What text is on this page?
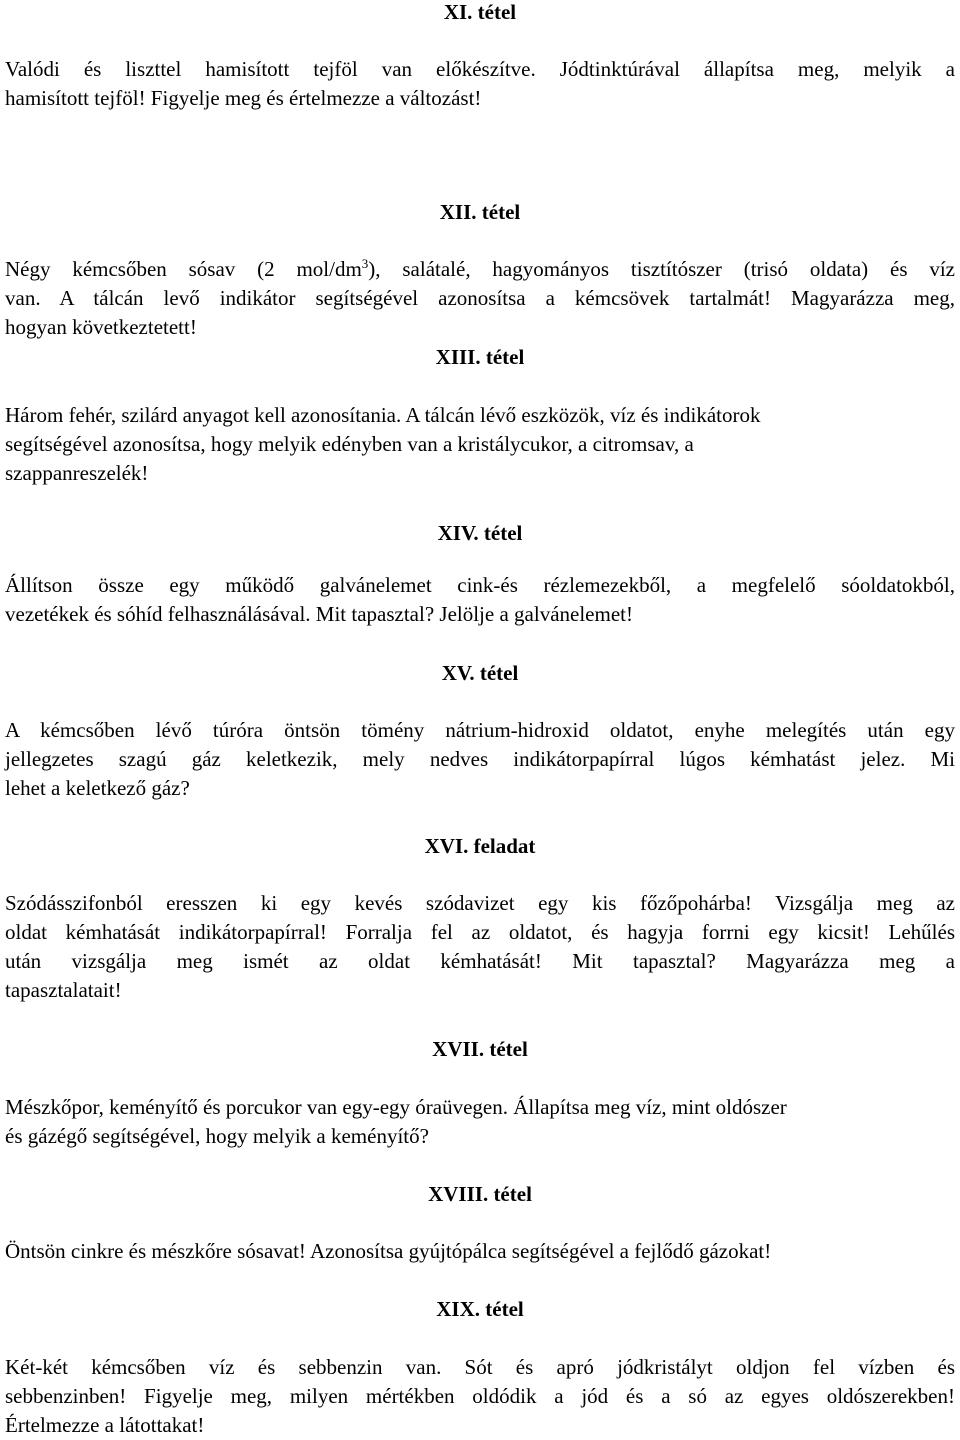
XI. tétel
Valódi és liszttel hamisított tejföl van előkészítve. Jódtinktúrával állapítsa meg, melyik a
hamisított tejföl! Figyelje meg és értelmezze a változást!
XII. tétel
Négy kémcsőben sósav (2 mol/$dm^3$), salátalé, hagyományos tisztítószer (trisó oldata) és víz
van. A tálcán levő indikátor segítségével azonosítsa a kémcsövek tartalmát! Magyarázza meg,
hogyan következtetett!
XIII. tétel
Három fehér, szilárd anyagot kell azonosítania. A tálcán lévő eszközök, víz és indikátorok
segítségével azonosítsa, hogy melyik edényben van a kristálycukor, a citromsav, a
szappanreszelék!
XIV. tétel
Állítson össze egy működő galvánelemet cink-és rézlemezekből, a megfelelő sóoldatokból,
vezetékek és sóhíd felhasználásával. Mit tapasztal? Jelölje a galvánelemet!
XV. tétel
A kémcsőben lévő túróra öntsön tömény nátrium-hidroxid oldatot, enyhe melegítés után egy
jellegzetes szagú gáz keletkezik, mely nedves indikátorpapírral lúgos kémhatást jelez. Mi
lehet a keletkező gáz?
XVI. feladat
Szódásszifonból eresszen ki egy kevés szódavizet egy kis főzőpohárba! Vizsgálja meg az
oldat kémhatását indikátorpapírral! Forralja fel az oldatot, és hagyja forrni egy kicsit! Lehűlés
után vizsgálja meg ismét az oldat kémhatását! Mit tapasztal? Magyarázza meg a
tapasztalatait!
XVII. tétel
Mészkőpor, keményítő és porcukor van egy-egy óraüvegen. Állapítsa meg víz, mint oldószer
és gázégő segítségével, hogy melyik a keményítő?
XVIII. tétel
Öntsön cinkre és mészkőre sósavat! Azonosítsa gyújtópálca segítségével a fejlődő gázokat!
XIX. tétel
Két-két kémcsőben víz és sebbenzin van. Sót és apró jódkristályt oldjon fel vízben és
sebbenzinben! Figyelje meg, milyen mértékben oldódik a jód és a só az egyes oldószerekben!
Értelmezze a látottakat!
